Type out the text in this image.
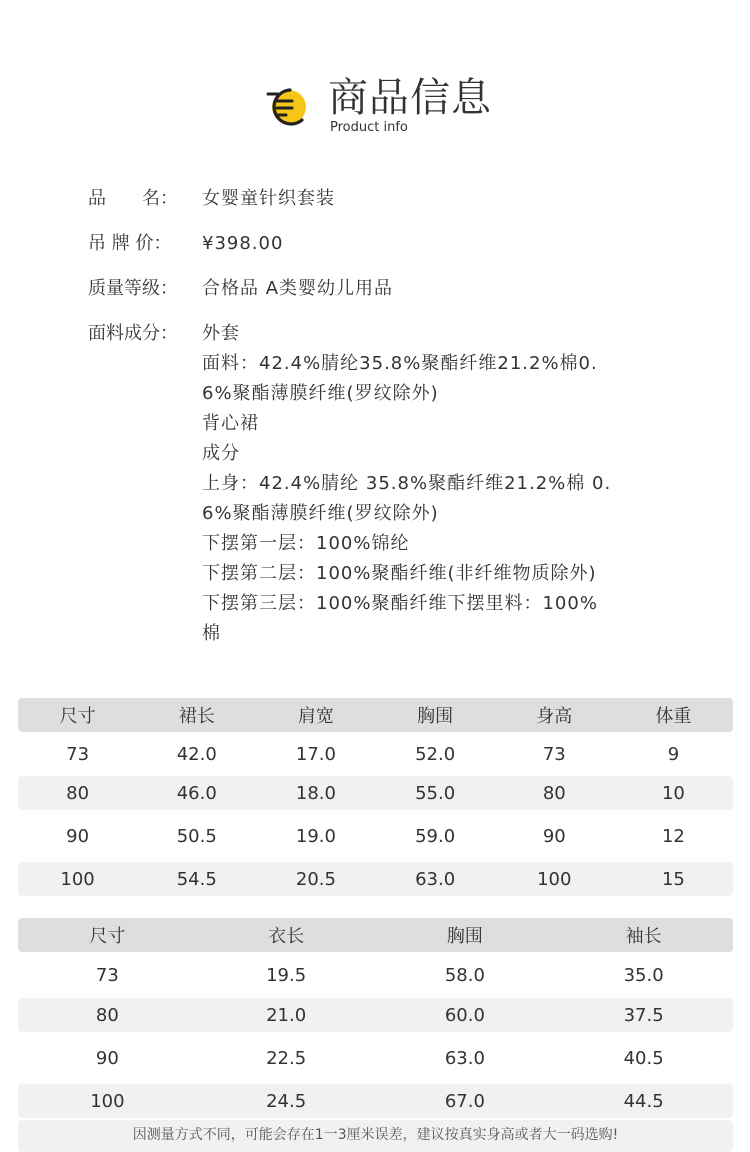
商品信息
Product info
品　　名：	女婴童针织套装
吊 牌 价：	¥398.00
质量等级：	合格品 A类婴幼儿用品
面料成分：	外套
面料：42.4%腈纶35.8%聚酯纤维21.2%棉0.
6%聚酯薄膜纤维(罗纹除外)
背心裙
成分
上身：42.4%腈纶 35.8%聚酯纤维21.2%棉 0.
6%聚酯薄膜纤维(罗纹除外)
下摆第一层：100%锦纶
下摆第二层：100%聚酯纤维(非纤维物质除外)
下摆第三层：100%聚酯纤维下摆里料：100%
棉
尺寸	裙长	肩宽	胸围	身高	体重
73	42.0	17.0	52.0	73	9
80	46.0	18.0	55.0	80	10
90	50.5	19.0	59.0	90	12
100	54.5	20.5	63.0	100	15
尺寸	衣长	胸围	袖长
73	19.5	58.0	35.0
80	21.0	60.0	37.5
90	22.5	63.0	40.5
100	24.5	67.0	44.5
因测量方式不同，可能会存在1一3厘米误差，建议按真实身高或者大一码选购!
